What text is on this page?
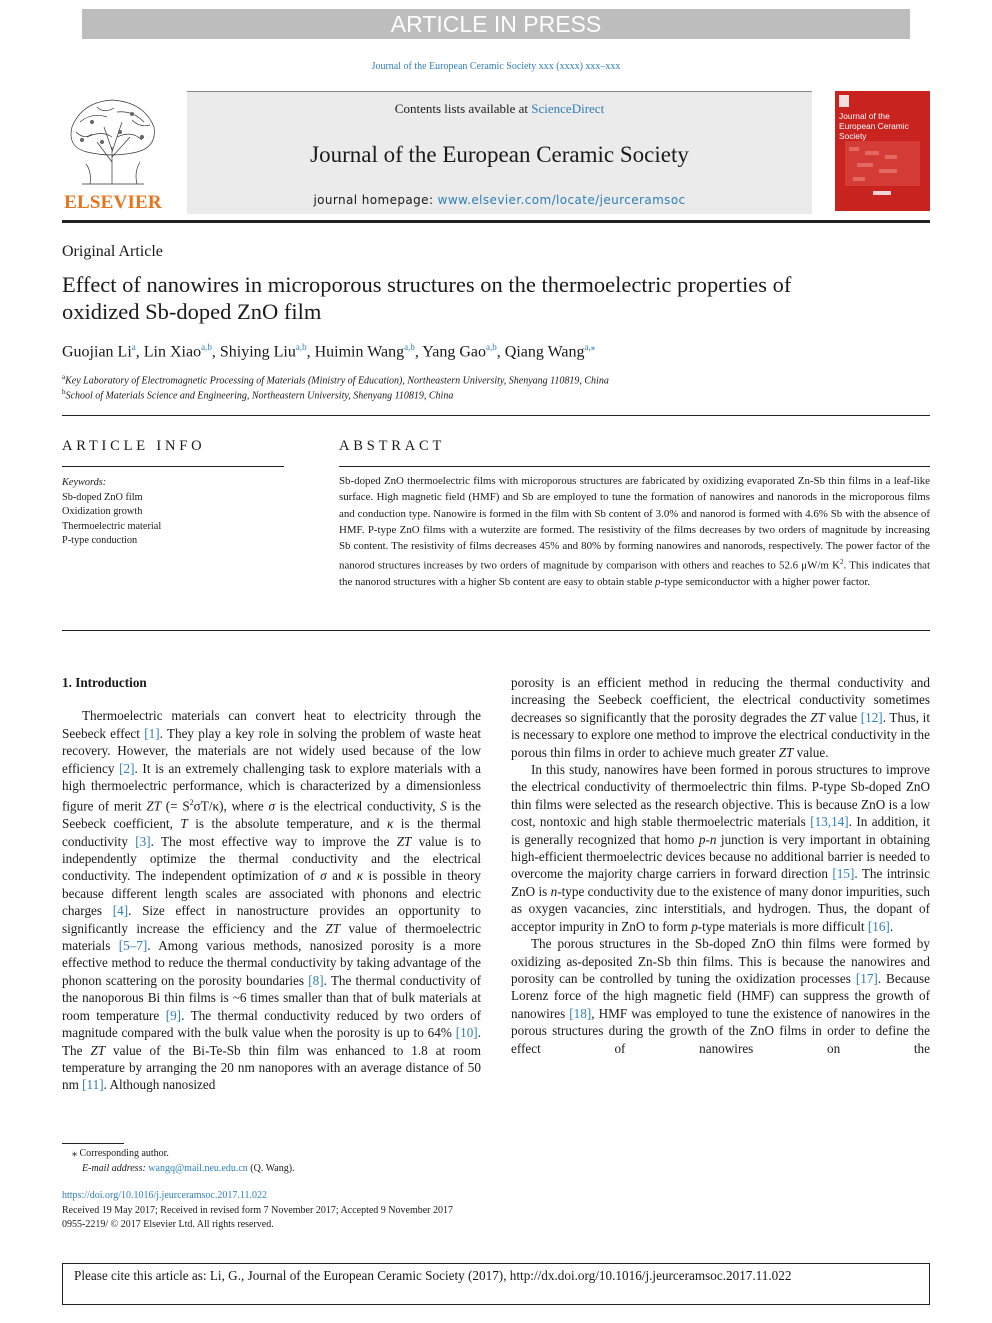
ARTICLE IN PRESS
Journal of the European Ceramic Society xxx (xxxx) xxx–xxx
ELSEVIER
Contents lists available at ScienceDirect
Journal of the European Ceramic Society
journal homepage: www.elsevier.com/locate/jeurceramsoc
Journal of the European Ceramic Society
Original Article
Effect of nanowires in microporous structures on the thermoelectric properties of oxidized Sb-doped ZnO film
Guojian Li$^a$, Lin Xiao$^{a,b}$, Shiying Liu$^{a,b}$, Huimin Wang$^{a,b}$, Yang Gao$^{a,b}$, Qiang Wang$^{a,⁎}$
$^a$Key Laboratory of Electromagnetic Processing of Materials (Ministry of Education), Northeastern University, Shenyang 110819, China
$^b$School of Materials Science and Engineering, Northeastern University, Shenyang 110819, China
ARTICLE INFO
Keywords:
Sb-doped ZnO film
Oxidization growth
Thermoelectric material
P-type conduction
ABSTRACT

Sb-doped ZnO thermoelectric films with microporous structures are fabricated by oxidizing evaporated Zn-Sb thin films in a leaf-like surface. High magnetic field (HMF) and Sb are employed to tune the formation of nanowires and nanorods in the microporous films and conduction type. Nanowire is formed in the film with Sb content of 3.0% and nanorod is formed with 4.6% Sb with the absence of HMF. P-type ZnO films with a wuterzite are formed. The resistivity of the films decreases by two orders of magnitude by increasing Sb content. The resistivity of films decreases 45% and 80% by forming nanowires and nanorods, respectively. The power factor of the nanorod structures increases by two orders of magnitude by comparison with others and reaches to 52.6 μW/m $K^2$. This indicates that the nanorod structures with a higher Sb content are easy to obtain stable p-type semiconductor with a higher power factor.

1. Introduction

Thermoelectric materials can convert heat to electricity through the Seebeck effect [1]. They play a key role in solving the problem of waste heat recovery. However, the materials are not widely used because of the low efficiency [2]. It is an extremely challenging task to explore materials with a high thermoelectric performance, which is characterized by a dimensionless figure of merit ZT (= $S^2\sigma T/\kappa$), where σ is the electrical conductivity, S is the Seebeck coefficient, T is the absolute temperature, and κ is the thermal conductivity [3]. The most effective way to improve the ZT value is to independently optimize the thermal conductivity and the electrical conductivity. The independent optimization of σ and κ is possible in theory because different length scales are associated with phonons and electric charges [4]. Size effect in nanostructure provides an opportunity to significantly increase the efficiency and the ZT value of thermoelectric materials [5–7]. Among various methods, nanosized porosity is a more effective method to reduce the thermal conductivity by taking advantage of the phonon scattering on the porosity boundaries [8]. The thermal conductivity of the nanoporous Bi thin films is ~6 times smaller than that of bulk materials at room temperature [9]. The thermal conductivity reduced by two orders of magnitude compared with the bulk value when the porosity is up to 64% [10]. The ZT value of the Bi-Te-Sb thin film was enhanced to 1.8 at room temperature by arranging the 20 nm nanopores with an average distance of 50 nm [11]. Although nanosized

porosity is an efficient method in reducing the thermal conductivity and increasing the Seebeck coefficient, the electrical conductivity sometimes decreases so significantly that the porosity degrades the ZT value [12]. Thus, it is necessary to explore one method to improve the electrical conductivity in the porous thin films in order to achieve much greater ZT value.

In this study, nanowires have been formed in porous structures to improve the electrical conductivity of thermoelectric thin films. P-type Sb-doped ZnO thin films were selected as the research objective. This is because ZnO is a low cost, nontoxic and high stable thermoelectric materials [13,14]. In addition, it is generally recognized that homo p-n junction is very important in obtaining high-efficient thermoelectric devices because no additional barrier is needed to overcome the majority charge carriers in forward direction [15]. The intrinsic ZnO is n-type conductivity due to the existence of many donor impurities, such as oxygen vacancies, zinc interstitials, and hydrogen. Thus, the dopant of acceptor impurity in ZnO to form p-type materials is more difficult [16].

The porous structures in the Sb-doped ZnO thin films were formed by oxidizing as-deposited Zn-Sb thin films. This is because the nanowires and porosity can be controlled by tuning the oxidization processes [17]. Because Lorenz force of the high magnetic field (HMF) can suppress the growth of nanowires [18], HMF was employed to tune the existence of nanowires in the porous structures during the growth of the ZnO films in order to define the effect of nanowires on the

⁎ Corresponding author.
E-mail address: wangq@mail.neu.edu.cn (Q. Wang).
https://doi.org/10.1016/j.jeurceramsoc.2017.11.022
Received 19 May 2017; Received in revised form 7 November 2017; Accepted 9 November 2017
0955-2219/ © 2017 Elsevier Ltd. All rights reserved.
Please cite this article as: Li, G., Journal of the European Ceramic Society (2017), http://dx.doi.org/10.1016/j.jeurceramsoc.2017.11.022
